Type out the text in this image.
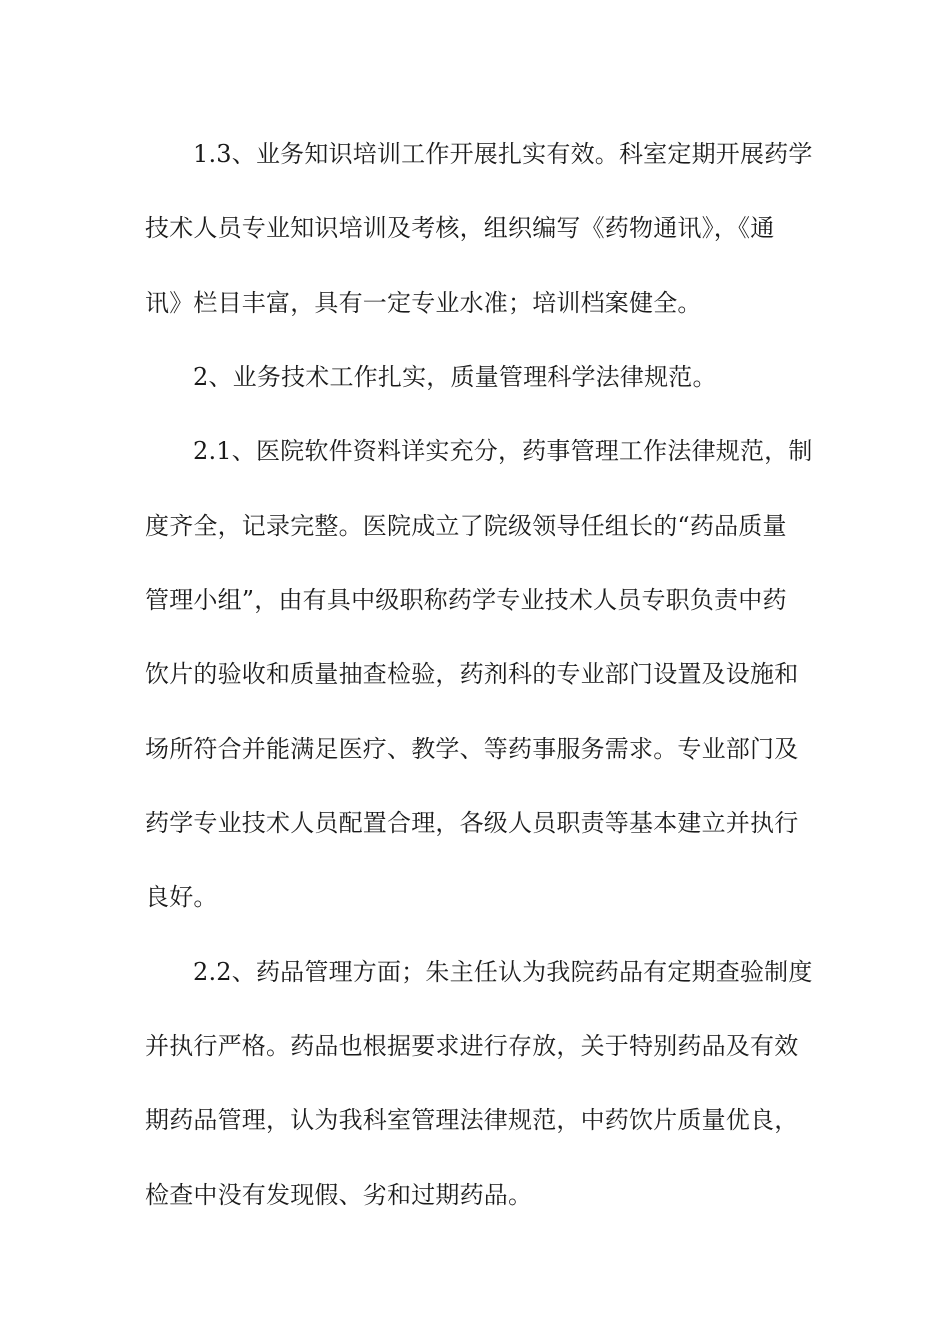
1.3、业务知识培训工作开展扎实有效。科室定期开展药学
技术人员专业知识培训及考核，组织编写《药物通讯》，《通
讯》栏目丰富，具有一定专业水准；培训档案健全。
2、业务技术工作扎实，质量管理科学法律规范。
2.1、医院软件资料详实充分，药事管理工作法律规范，制
度齐全，记录完整。医院成立了院级领导任组长的“药品质量
管理小组”，由有具中级职称药学专业技术人员专职负责中药
饮片的验收和质量抽查检验，药剂科的专业部门设置及设施和
场所符合并能满足医疗、教学、等药事服务需求。专业部门及
药学专业技术人员配置合理，各级人员职责等基本建立并执行
良好。
2.2、药品管理方面；朱主任认为我院药品有定期查验制度
并执行严格。药品也根据要求进行存放，关于特别药品及有效
期药品管理，认为我科室管理法律规范，中药饮片质量优良，
检查中没有发现假、劣和过期药品。
